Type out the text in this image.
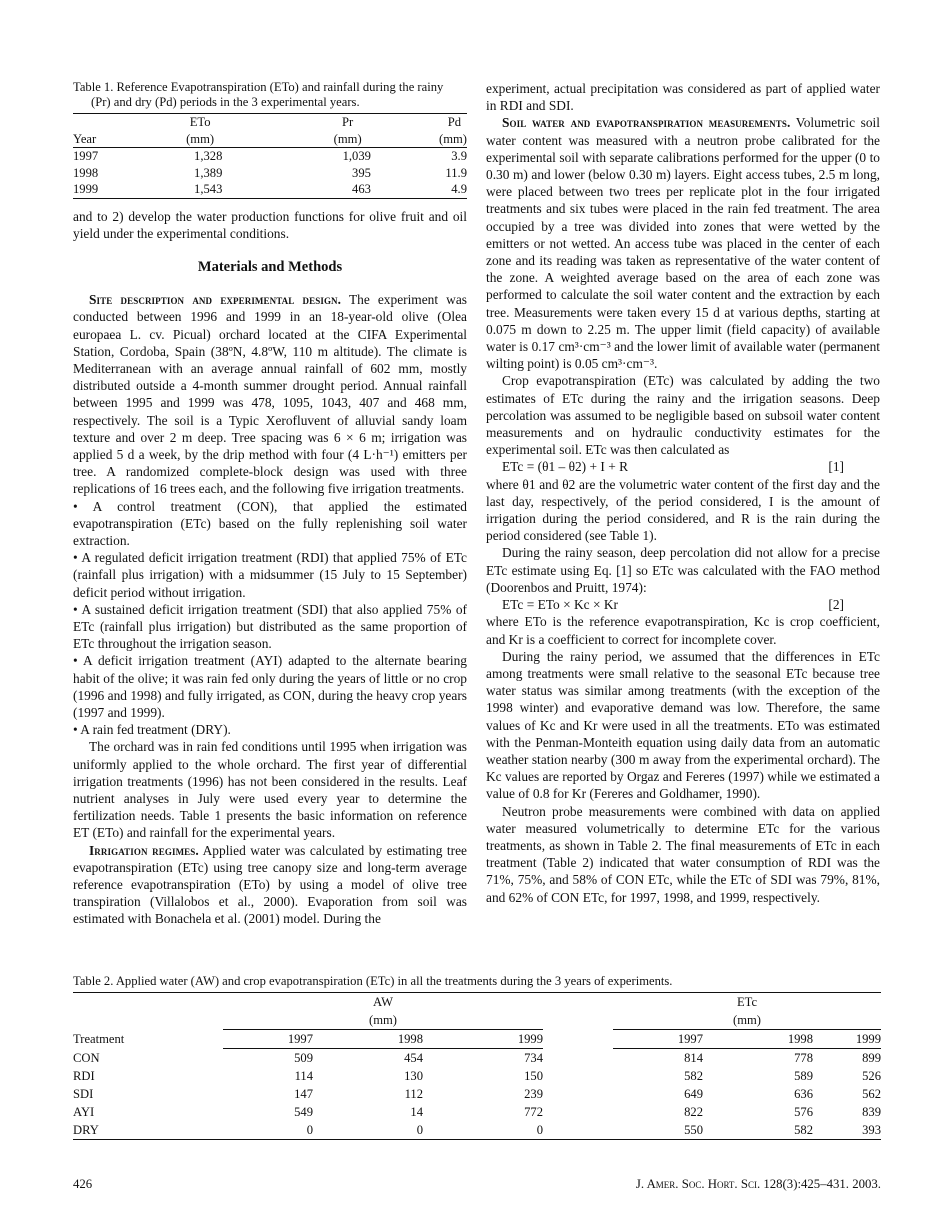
Table 1. Reference Evapotranspiration (ETo) and rainfall during the rainy
(Pr) and dry (Pd) periods in the 3 experimental years.
	ETo	Pr	Pd
Year	(mm)	(mm)	(mm)
1997	1,328	1,039	3.9
1998	1,389	395	11.9
1999	1,543	463	4.9

and to 2) develop the water production functions for olive fruit and oil yield under the experimental conditions.

Materials and Methods

Site description and experimental design. The experiment was conducted between 1996 and 1999 in an 18-year-old olive (Olea europaea L. cv. Picual) orchard located at the CIFA Experimental Station, Cordoba, Spain (38ºN, 4.8ºW, 110 m altitude). The climate is Mediterranean with an average annual rainfall of 602 mm, mostly distributed outside a 4-month summer drought period. Annual rainfall between 1995 and 1999 was 478, 1095, 1043, 407 and 468 mm, respectively. The soil is a Typic Xerofluvent of alluvial sandy loam texture and over 2 m deep. Tree spacing was 6 × 6 m; irrigation was applied 5 d a week, by the drip method with four (4 L·h⁻¹) emitters per tree. A randomized complete-block design was used with three replications of 16 trees each, and the following five irrigation treatments.

• A control treatment (CON), that applied the estimated evapotranspiration (ETc) based on the fully replenishing soil water extraction.

• A regulated deficit irrigation treatment (RDI) that applied 75% of ETc (rainfall plus irrigation) with a midsummer (15 July to 15 September) deficit period without irrigation.

• A sustained deficit irrigation treatment (SDI) that also applied 75% of ETc (rainfall plus irrigation) but distributed as the same proportion of ETc throughout the irrigation season.

• A deficit irrigation treatment (AYI) adapted to the alternate bearing habit of the olive; it was rain fed only during the years of little or no crop (1996 and 1998) and fully irrigated, as CON, during the heavy crop years (1997 and 1999).

• A rain fed treatment (DRY).

The orchard was in rain fed conditions until 1995 when irrigation was uniformly applied to the whole orchard. The first year of differential irrigation treatments (1996) has not been considered in the results. Leaf nutrient analyses in July were used every year to determine the fertilization needs. Table 1 presents the basic information on reference ET (ETo) and rainfall for the experimental years.

Irrigation regimes. Applied water was calculated by estimating tree evapotranspiration (ETc) using tree canopy size and long-term average reference evapotranspiration (ETo) by using a model of olive tree transpiration (Villalobos et al., 2000). Evaporation from soil was estimated with Bonachela et al. (2001) model. During the

experiment, actual precipitation was considered as part of applied water in RDI and SDI.

Soil water and evapotranspiration measurements. Volumetric soil water content was measured with a neutron probe calibrated for the experimental soil with separate calibrations performed for the upper (0 to 0.30 m) and lower (below 0.30 m) layers. Eight access tubes, 2.5 m long, were placed between two trees per replicate plot in the four irrigated treatments and six tubes were placed in the rain fed treatment. The area occupied by a tree was divided into zones that were wetted by the emitters or not wetted. An access tube was placed in the center of each zone and its reading was taken as representative of the water content of the zone. A weighted average based on the area of each zone was performed to calculate the soil water content and the extraction by each tree. Measurements were taken every 15 d at various depths, starting at 0.075 m down to 2.25 m. The upper limit (field capacity) of available water is 0.17 cm³·cm⁻³ and the lower limit of available water (permanent wilting point) is 0.05 cm³·cm⁻³.

Crop evapotranspiration (ETc) was calculated by adding the two estimates of ETc during the rainy and the irrigation seasons. Deep percolation was assumed to be negligible based on subsoil water content measurements and on hydraulic conductivity estimates for the experimental soil. ETc was then calculated as

ETc = (θ1 – θ2) + I + R	[1]

where θ1 and θ2 are the volumetric water content of the first day and the last day, respectively, of the period considered, I is the amount of irrigation during the period considered, and R is the rain during the period considered (see Table 1).

During the rainy season, deep percolation did not allow for a precise ETc estimate using Eq. [1] so ETc was calculated with the FAO method (Doorenbos and Pruitt, 1974):

ETc = ETo × Kc × Kr	[2]

where ETo is the reference evapotranspiration, Kc is crop coefficient, and Kr is a coefficient to correct for incomplete cover.

During the rainy period, we assumed that the differences in ETc among treatments were small relative to the seasonal ETc because tree water status was similar among treatments (with the exception of the 1998 winter) and evaporative demand was low. Therefore, the same values of Kc and Kr were used in all the treatments. ETo was estimated with the Penman-Monteith equation using daily data from an automatic weather station nearby (300 m away from the experimental orchard). The Kc values are reported by Orgaz and Fereres (1997) while we estimated a value of 0.8 for Kr (Fereres and Goldhamer, 1990).

Neutron probe measurements were combined with data on applied water measured volumetrically to determine ETc for the various treatments, as shown in Table 2. The final measurements of ETc in each treatment (Table 2) indicated that water consumption of RDI was the 71%, 75%, and 58% of CON ETc, while the ETc of SDI was 79%, 81%, and 62% of CON ETc, for 1997, 1998, and 1999, respectively.

Table 2. Applied water (AW) and crop evapotranspiration (ETc) in all the treatments during the 3 years of experiments.
	AW				ETc		
	(mm)				(mm)		
Treatment	1997	1998	1999		1997	1998	1999
CON	509	454	734		814	778	899
RDI	114	130	150		582	589	526
SDI	147	112	239		649	636	562
AYI	549	14	772		822	576	839
DRY	0	0	0		550	582	393
426	J. Amer. Soc. Hort. Sci. 128(3):425–431. 2003.
